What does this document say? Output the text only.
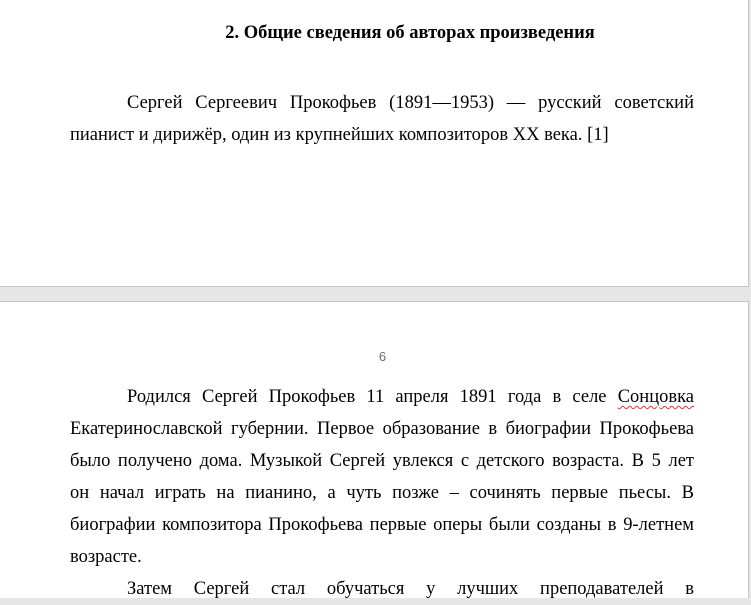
2. Общие сведения об авторах произведения
Сергей Сергеевич Прокофьев (1891—1953) — русский советский
пианист и дирижёр, один из крупнейших композиторов XX века. [1]
6
Родился Сергей Прокофьев 11 апреля 1891 года в селе Сонцовка
Екатеринославской губернии. Первое образование в биографии Прокофьева
было получено дома. Музыкой Сергей увлекся с детского возраста. В 5 лет
он начал играть на пианино, а чуть позже – сочинять первые пьесы. В
биографии композитора Прокофьева первые оперы были созданы в 9-летнем
возрасте.
Затем Сергей стал обучаться у лучших преподавателей в
